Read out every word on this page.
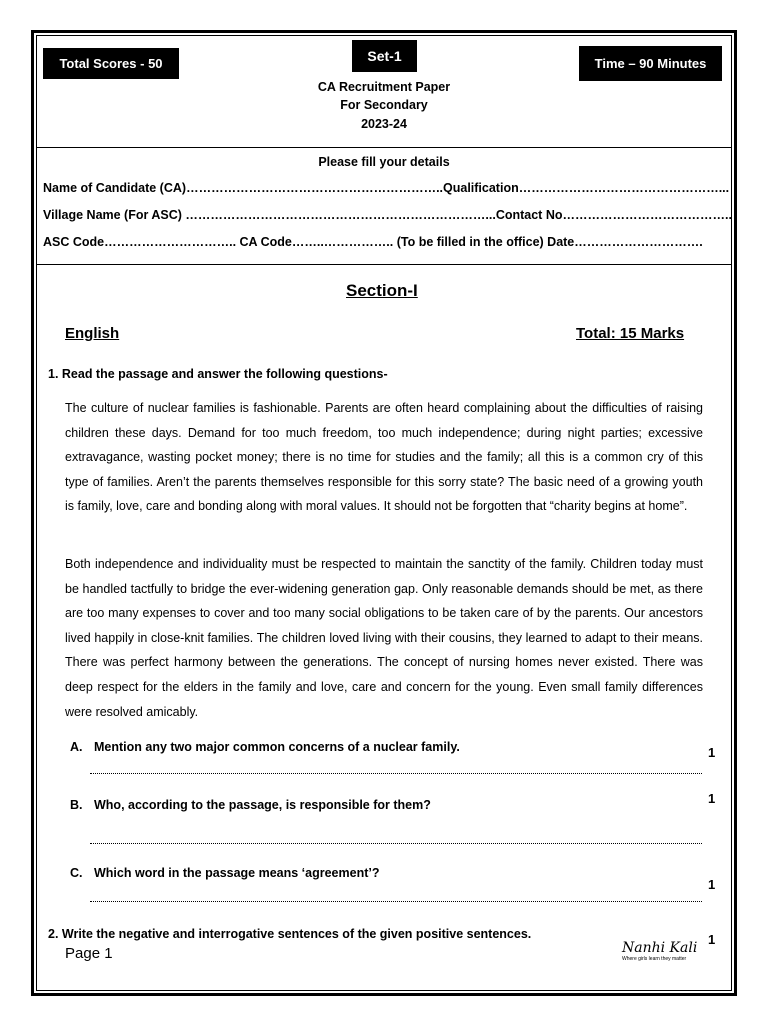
Total Scores - 50	Set-1	Time – 90 Minutes
CA Recruitment Paper
For Secondary
2023-24
Please fill your details
Name of Candidate (CA)……………………………………………………..Qualification…………………………………………...
Village Name (For ASC) ………………………………………………………………...Contact No…………………………………..
ASC Code………………………….. CA Code……..…………….. (To be filled in the office) Date………………………….
Section-I
English	Total: 15 Marks
1. Read the passage and answer the following questions-
The culture of nuclear families is fashionable. Parents are often heard complaining about the difficulties of raising children these days. Demand for too much freedom, too much independence; during night parties; excessive extravagance, wasting pocket money; there is no time for studies and the family; all this is a common cry of this type of families. Aren’t the parents themselves responsible for this sorry state? The basic need of a growing youth is family, love, care and bonding along with moral values. It should not be forgotten that “charity begins at home”.
Both independence and individuality must be respected to maintain the sanctity of the family. Children today must be handled tactfully to bridge the ever-widening generation gap. Only reasonable demands should be met, as there are too many expenses to cover and too many social obligations to be taken care of by the parents. Our ancestors lived happily in close-knit families. The children loved living with their cousins, they learned to adapt to their means. There was perfect harmony between the generations. The concept of nursing homes never existed. There was deep respect for the elders in the family and love, care and concern for the young. Even small family differences were resolved amicably.
A. Mention any two major common concerns of a nuclear family.	1
B. Who, according to the passage, is responsible for them?	1
C. Which word in the passage means ‘agreement’?
1
2. Write the negative and interrogative sentences of the given positive sentences.	1
Page 1	Nanhi Kali
Where girls learn they matter
